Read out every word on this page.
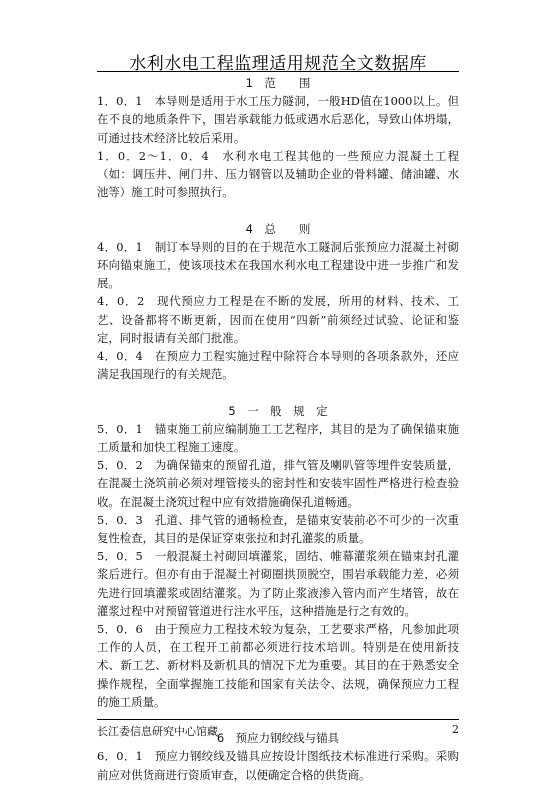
水利水电工程监理适用规范全文数据库
1　范　　围

1．0．1　本导则是适用于水工压力隧洞，一般HD值在1000以上。但在不良的地质条件下，围岩承载能力低或遇水后恶化，导致山体坍塌，可通过技术经济比较后采用。

1．0．2～1．0．4　水利水电工程其他的一些预应力混凝土工程（如：调压井、闸门井、压力钢管以及辅助企业的骨料罐、储油罐、水池等）施工时可参照执行。

4　总　　则

4．0．1　制订本导则的目的在于规范水工隧洞后张预应力混凝土衬砌环向锚束施工，使该项技术在我国水利水电工程建设中进一步推广和发展。

4．0．2　现代预应力工程是在不断的发展，所用的材料、技术、工艺、设备都将不断更新，因而在使用“四新”前须经过试验、论证和鉴定，同时报请有关部门批准。

4．0．4　在预应力工程实施过程中除符合本导则的各项条款外，还应满足我国现行的有关规范。

5　一　般　规　定

5．0．1　锚束施工前应编制施工工艺程序，其目的是为了确保锚束施工质量和加快工程施工速度。

5．0．2　为确保锚束的预留孔道，排气管及喇叭管等埋件安装质量，在混凝土浇筑前必须对埋管接头的密封性和安装牢固性严格进行检查验收。在混凝土浇筑过程中应有效措施确保孔道畅通。

5．0．3　孔道、排气管的通畅检查，是锚束安装前必不可少的一次重复性检查，其目的是保证穿束张拉和封孔灌浆的质量。

5．0．5　一般混凝土衬砌回填灌浆，固结、帷幕灌浆须在锚束封孔灌浆后进行。但亦有由于混凝土衬砌圈拱顶脱空，围岩承载能力差，必须先进行回填灌浆或固结灌浆。为了防止浆液渗入管内而产生堵管，故在灌浆过程中对预留管道进行注水平压，这种措施是行之有效的。

5．0．6　由于预应力工程技术较为复杂，工艺要求严格，凡参加此项工作的人员，在工程开工前都必须进行技术培训。特别是在使用新技术、新工艺、新材料及新机具的情况下尤为重要。其目的在于熟悉安全操作规程，全面掌握施工技能和国家有关法令、法规，确保预应力工程的施工质量。

6　预应力钢绞线与锚具

6．0．1　预应力钢绞线及锚具应按设计图纸技术标准进行采购。采购前应对供货商进行资质审查，以便确定合格的供货商。

长江委信息研究中心馆藏	2
